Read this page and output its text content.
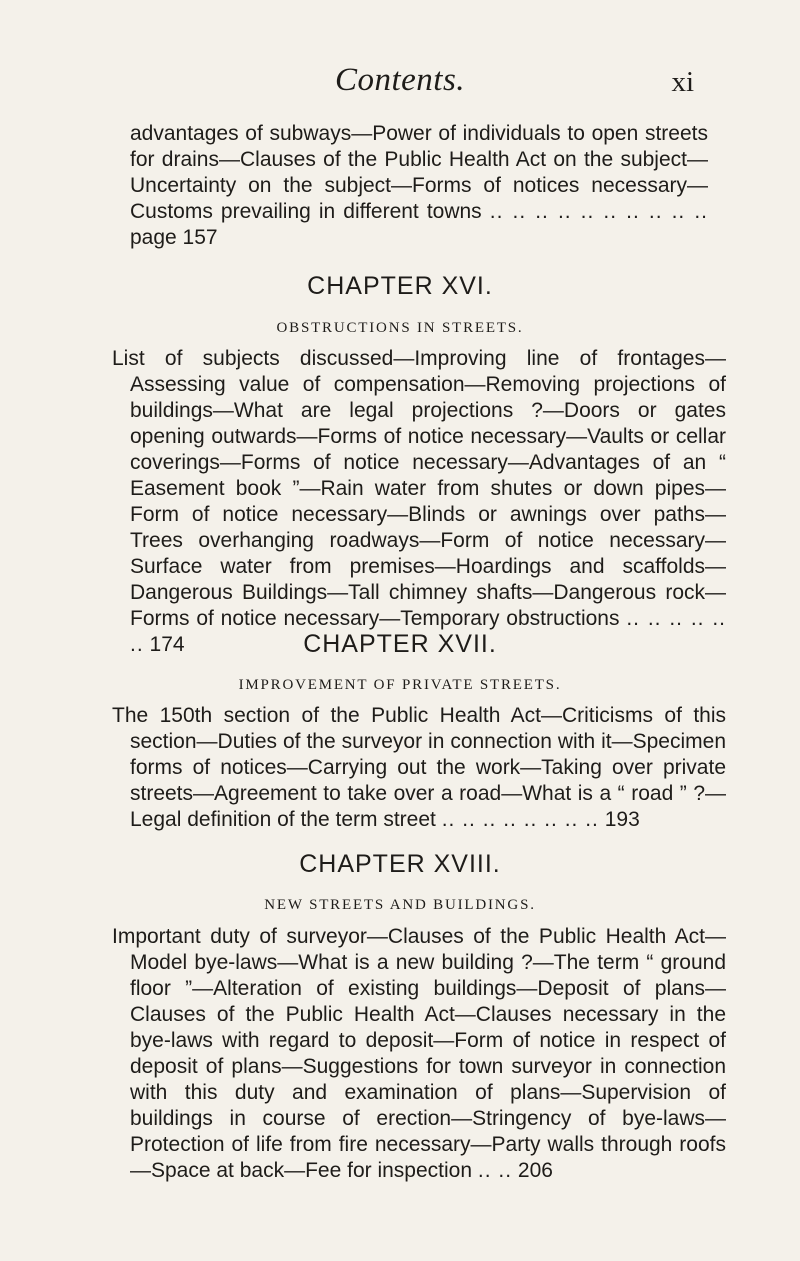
Contents.	xi

advantages of subways—Power of individuals to open streets for drains—Clauses of the Public Health Act on the subject—Uncertainty on the subject—Forms of notices necessary—Customs prevailing in different towns .. .. .. .. .. .. .. .. .. .. page 157

CHAPTER XVI.
OBSTRUCTIONS IN STREETS.

List of subjects discussed—Improving line of frontages—Assessing value of compensation—Removing projections of buildings—What are legal projections ?—Doors or gates opening outwards—Forms of notice necessary—Vaults or cellar coverings—Forms of notice necessary—Advantages of an “ Easement book ”—Rain water from shutes or down pipes—Form of notice necessary—Blinds or awnings over paths—Trees overhanging roadways—Form of notice necessary—Surface water from premises—Hoardings and scaffolds—Dangerous Buildings—Tall chimney shafts—Dangerous rock—Forms of notice necessary—Temporary obstructions .. .. .. .. .. .. 174	CHAPTER XVII.
IMPROVEMENT OF PRIVATE STREETS.

The 150th section of the Public Health Act—Criticisms of this section—Duties of the surveyor in connection with it—Specimen forms of notices—Carrying out the work—Taking over private streets—Agreement to take over a road—What is a “ road ” ?—Legal definition of the term street .. .. .. .. .. .. .. .. 193

CHAPTER XVIII.
NEW STREETS AND BUILDINGS.

Important duty of surveyor—Clauses of the Public Health Act—Model bye-laws—What is a new building ?—The term “ ground floor ”—Alteration of existing buildings—Deposit of plans—Clauses of the Public Health Act—Clauses necessary in the bye-laws with regard to deposit—Form of notice in respect of deposit of plans—Suggestions for town surveyor in connection with this duty and examination of plans—Supervision of buildings in course of erection—Stringency of bye-laws—Protection of life from fire necessary—Party walls through roofs—Space at back—Fee for inspection .. .. 206
